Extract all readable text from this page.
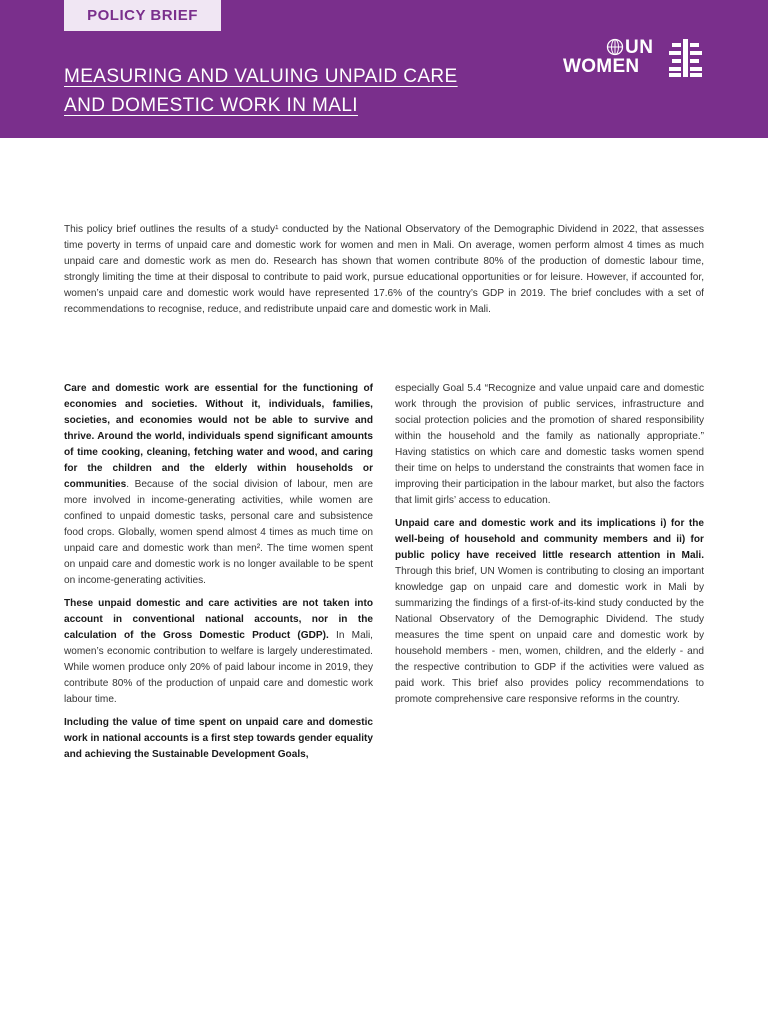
POLICY BRIEF
MEASURING AND VALUING UNPAID CARE
AND DOMESTIC WORK IN MALI
UN
WOMEN

This policy brief outlines the results of a study¹ conducted by the National Observatory of the Demographic Dividend in 2022, that assesses time poverty in terms of unpaid care and domestic work for women and men in Mali. On average, women perform almost 4 times as much unpaid care and domestic work as men do. Research has shown that women contribute 80% of the production of domestic labour time, strongly limiting the time at their disposal to contribute to paid work, pursue educational opportunities or for leisure. However, if accounted for, women’s unpaid care and domestic work would have represented 17.6% of the country’s GDP in 2019. The brief concludes with a set of recommendations to recognise, reduce, and redistribute unpaid care and domestic work in Mali.

Care and domestic work are essential for the functioning of economies and societies. Without it, individuals, families, societies, and economies would not be able to survive and thrive. Around the world, individuals spend significant amounts of time cooking, cleaning, fetching water and wood, and caring for the children and the elderly within households or communities. Because of the social division of labour, men are more involved in income-generating activities, while women are confined to unpaid domestic tasks, personal care and subsistence food crops. Globally, women spend almost 4 times as much time on unpaid care and domestic work than men². The time women spent on unpaid care and domestic work is no longer available to be spent on income-generating activities.

These unpaid domestic and care activities are not taken into account in conventional national accounts, nor in the calculation of the Gross Domestic Product (GDP). In Mali, women’s economic contribution to welfare is largely underestimated. While women produce only 20% of paid labour income in 2019, they contribute 80% of the production of unpaid care and domestic work labour time.

Including the value of time spent on unpaid care and domestic work in national accounts is a first step towards gender equality and achieving the Sustainable Development Goals,

especially Goal 5.4 “Recognize and value unpaid care and domestic work through the provision of public services, infrastructure and social protection policies and the promotion of shared responsibility within the household and the family as nationally appropriate.” Having statistics on which care and domestic tasks women spend their time on helps to understand the constraints that women face in improving their participation in the labour market, but also the factors that limit girls’ access to education.

Unpaid care and domestic work and its implications i) for the well-being of household and community members and ii) for public policy have received little research attention in Mali. Through this brief, UN Women is contributing to closing an important knowledge gap on unpaid care and domestic work in Mali by summarizing the findings of a first-of-its-kind study conducted by the National Observatory of the Demographic Dividend. The study measures the time spent on unpaid care and domestic work by household members - men, women, children, and the elderly - and the respective contribution to GDP if the activities were valued as paid work. This brief also provides policy recommendations to promote comprehensive care responsive reforms in the country.
